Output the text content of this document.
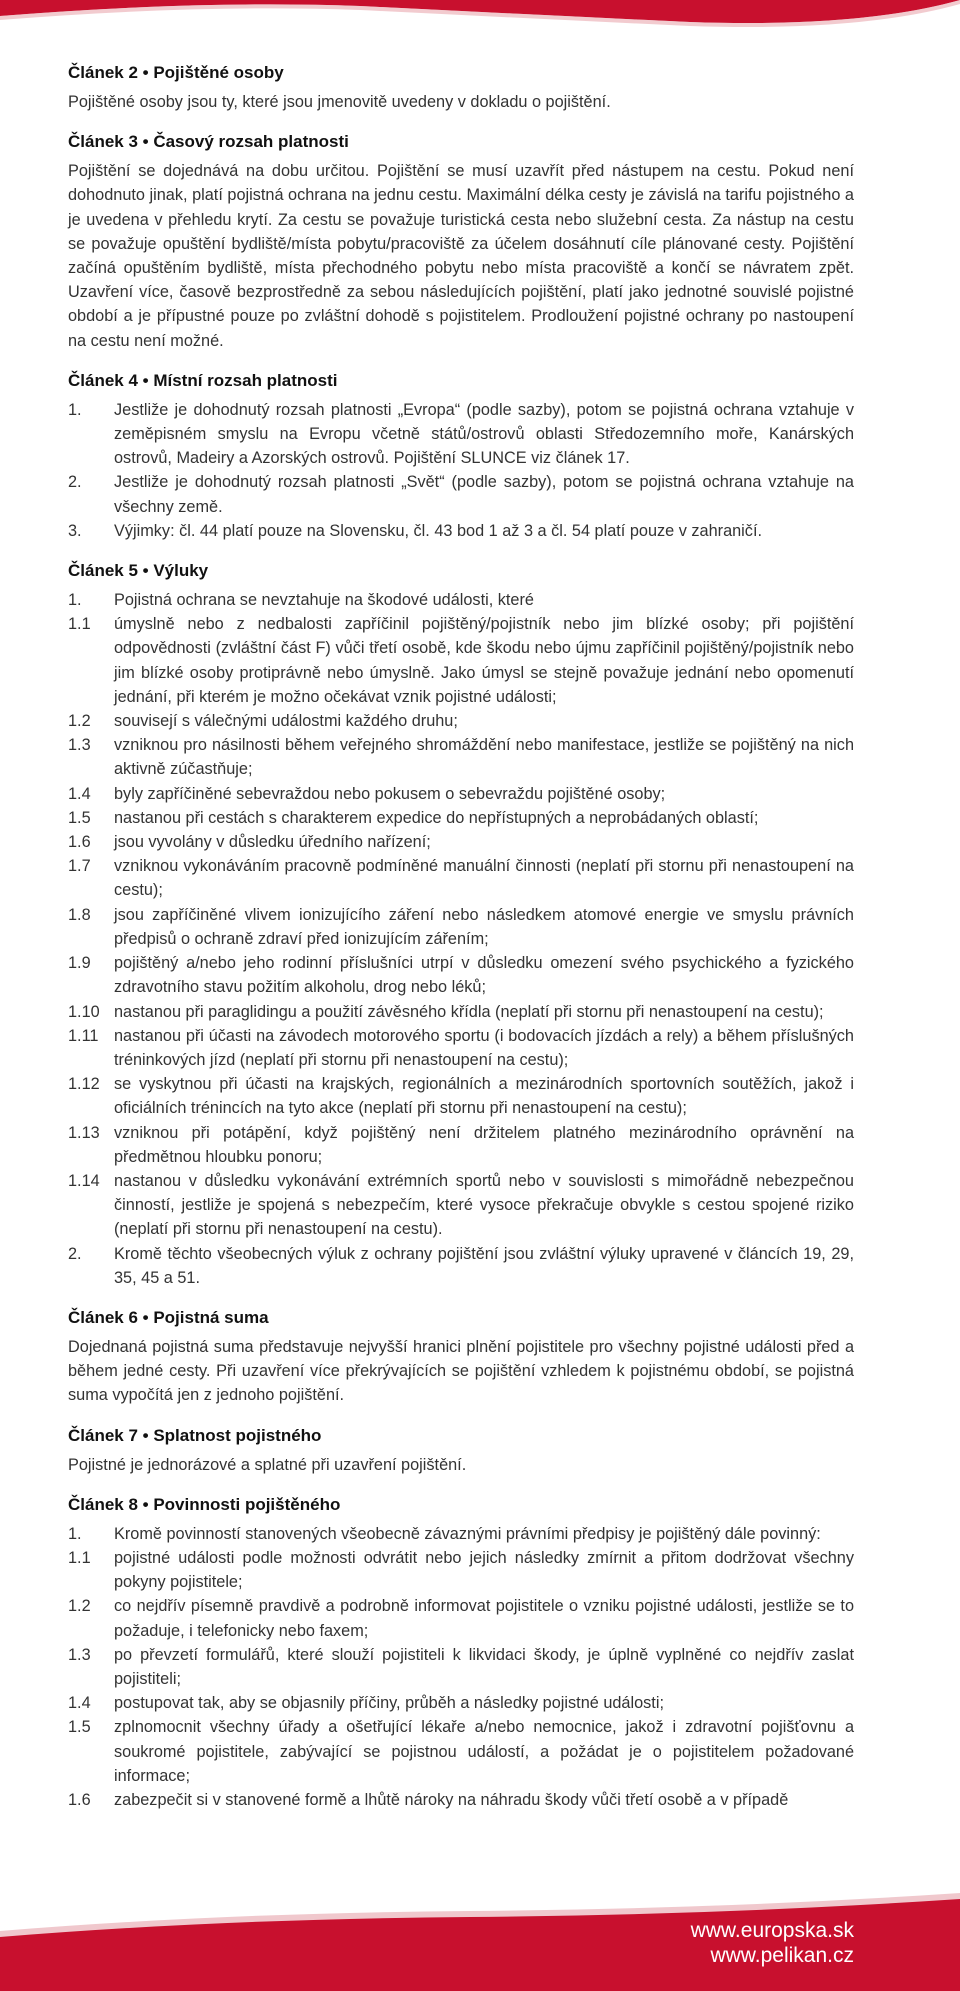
www.europska.sk
www.pelikan.cz
Článek 2 • Pojištěné osoby

Pojištěné osoby jsou ty, které jsou jmenovitě uvedeny v dokladu o pojištění.

Článek 3 • Časový rozsah platnosti

Pojištění se dojednává na dobu určitou. Pojištění se musí uzavřít před nástupem na cestu. Pokud není dohodnuto jinak, platí pojistná ochrana na jednu cestu. Maximální délka cesty je závislá na tarifu pojistného a je uvedena v přehledu krytí. Za cestu se považuje turistická cesta nebo služební cesta. Za nástup na cestu se považuje opuštění bydliště/místa pobytu/pracoviště za účelem dosáhnutí cíle plánované cesty. Pojištění začíná opuštěním bydliště, místa přechodného pobytu nebo místa pracoviště a končí se návratem zpět. Uzavření více, časově bezprostředně za sebou následujících pojištění, platí jako jednotné souvislé pojistné období a je přípustné pouze po zvláštní dohodě s pojistitelem. Prodloužení pojistné ochrany po nastoupení na cestu není možné.

Článek 4 • Místní rozsah platnosti
1.	Jestliže je dohodnutý rozsah platnosti „Evropa“ (podle sazby), potom se pojistná ochrana vztahuje v zeměpisném smyslu na Evropu včetně států/ostrovů oblasti Středozemního moře, Kanárských ostrovů, Madeiry a Azorských ostrovů. Pojištění SLUNCE viz článek 17.
2.	Jestliže je dohodnutý rozsah platnosti „Svět“ (podle sazby), potom se pojistná ochrana vztahuje na všechny země.
3.	Výjimky: čl. 44 platí pouze na Slovensku, čl. 43 bod 1 až 3 a čl. 54 platí pouze v zahraničí.
Článek 5 • Výluky
1.	Pojistná ochrana se nevztahuje na škodové události, které
1.1	úmyslně nebo z nedbalosti zapříčinil pojištěný/pojistník nebo jim blízké osoby; při pojištění odpovědnosti (zvláštní část F) vůči třetí osobě, kde škodu nebo újmu zapříčinil pojištěný/pojistník nebo jim blízké osoby protiprávně nebo úmyslně. Jako úmysl se stejně považuje jednání nebo opomenutí jednání, při kterém je možno očekávat vznik pojistné události;
1.2	souvisejí s válečnými událostmi každého druhu;
1.3	vzniknou pro násilnosti během veřejného shromáždění nebo manifestace, jestliže se pojištěný na nich aktivně zúčastňuje;
1.4	byly zapříčiněné sebevraždou nebo pokusem o sebevraždu pojištěné osoby;
1.5	nastanou při cestách s charakterem expedice do nepřístupných a neprobádaných oblastí;
1.6	jsou vyvolány v důsledku úředního nařízení;
1.7	vzniknou vykonáváním pracovně podmíněné manuální činnosti (neplatí při stornu při nenastoupení na cestu);
1.8	jsou zapříčiněné vlivem ionizujícího záření nebo následkem atomové energie ve smyslu právních předpisů o ochraně zdraví před ionizujícím zářením;
1.9	pojištěný a/nebo jeho rodinní příslušníci utrpí v důsledku omezení svého psychického a fyzického zdravotního stavu požitím alkoholu, drog nebo léků;
1.10 nastanou při paraglidingu a použití závěsného křídla (neplatí při stornu při nenastoupení na cestu);
1.11 nastanou při účasti na závodech motorového sportu (i bodovacích jízdách a rely) a během příslušných tréninkových jízd (neplatí při stornu při nenastoupení na cestu);
1.12 se vyskytnou při účasti na krajských, regionálních a mezinárodních sportovních soutěžích, jakož i oficiálních trénincích na tyto akce (neplatí při stornu při nenastoupení na cestu);
1.13 vzniknou při potápění, když pojištěný není držitelem platného mezinárodního oprávnění na předmětnou hloubku ponoru;
1.14 nastanou v důsledku vykonávání extrémních sportů nebo v souvislosti s mimořádně nebezpečnou činností, jestliže je spojená s nebezpečím, které vysoce překračuje obvykle s cestou spojené riziko (neplatí při stornu při nenastoupení na cestu).
2.	Kromě těchto všeobecných výluk z ochrany pojištění jsou zvláštní výluky upravené v článcích 19, 29, 35, 45 a 51.
Článek 6 • Pojistná suma

Dojednaná pojistná suma představuje nejvyšší hranici plnění pojistitele pro všechny pojistné události před a během jedné cesty. Při uzavření více překrývajících se pojištění vzhledem k pojistnému období, se pojistná suma vypočítá jen z jednoho pojištění.

Článek 7 • Splatnost pojistného

Pojistné je jednorázové a splatné při uzavření pojištění.

Článek 8 • Povinnosti pojištěného
1.	Kromě povinností stanovených všeobecně závaznými právními předpisy je pojištěný dále povinný:
1.1	pojistné události podle možnosti odvrátit nebo jejich následky zmírnit a přitom dodržovat všechny pokyny pojistitele;
1.2	co nejdřív písemně pravdivě a podrobně informovat pojistitele o vzniku pojistné události, jestliže se to požaduje, i telefonicky nebo faxem;
1.3	po převzetí formulářů, které slouží pojistiteli k likvidaci škody, je úplně vyplněné co nejdřív zaslat pojistiteli;
1.4	postupovat tak, aby se objasnily příčiny, průběh a následky pojistné události;
1.5	zplnomocnit všechny úřady a ošetřující lékaře a/nebo nemocnice, jakož i zdravotní pojišťovnu a soukromé pojistitele, zabývající se pojistnou událostí, a požádat je o pojistitelem požadované informace;
1.6	zabezpečit si v stanovené formě a lhůtě nároky na náhradu škody vůči třetí osobě a v případě
